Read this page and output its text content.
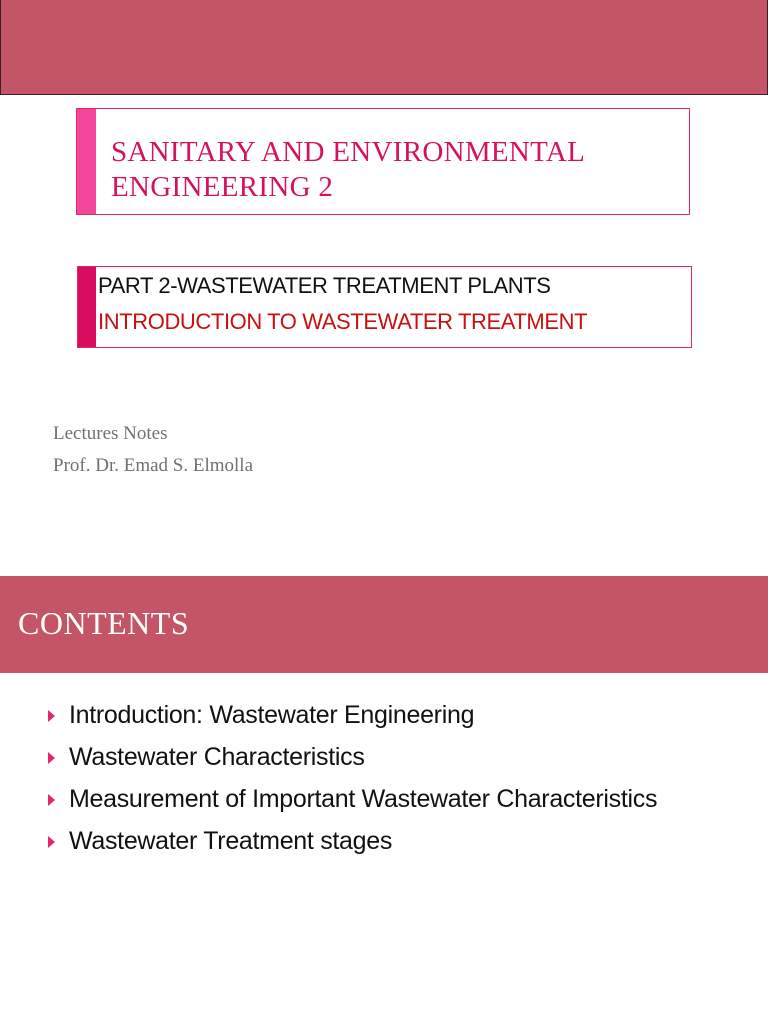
SANITARY AND ENVIRONMENTAL
ENGINEERING 2
PART 2-WASTEWATER TREATMENT PLANTS
INTRODUCTION TO WASTEWATER TREATMENT
Lectures Notes
Prof. Dr. Emad S. Elmolla
CONTENTS
Introduction: Wastewater Engineering
Wastewater Characteristics
Measurement of Important Wastewater Characteristics
Wastewater Treatment stages
